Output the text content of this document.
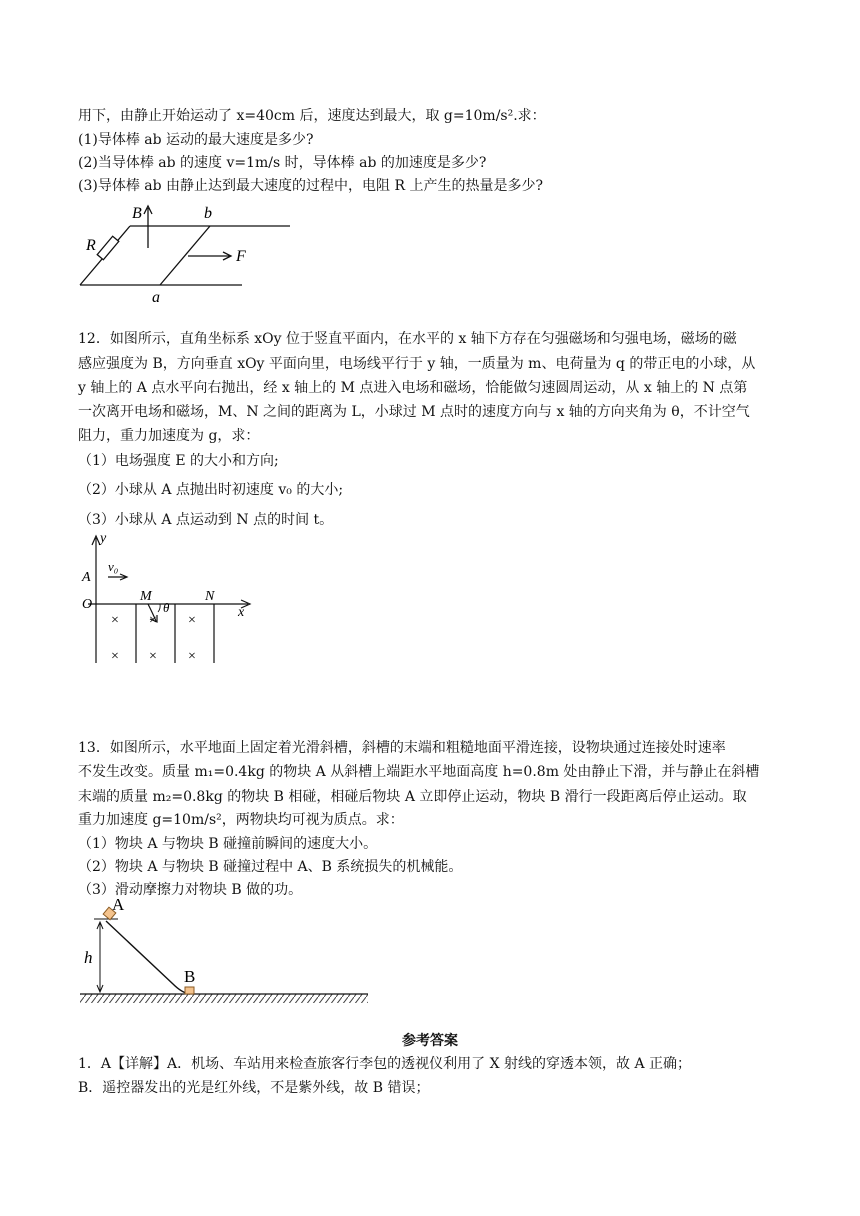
用下，由静止开始运动了 x=40cm 后，速度达到最大，取 g=10m/s².求：
(1)导体棒 ab 运动的最大速度是多少?
(2)当导体棒 ab 的速度 v=1m/s 时，导体棒 ab 的加速度是多少?
(3)导体棒 ab 由静止达到最大速度的过程中，电阻 R 上产生的热量是多少?
B	b
R
F
a
12．如图所示，直角坐标系 xOy 位于竖直平面内，在水平的 x 轴下方存在匀强磁场和匀强电场，磁场的磁
感应强度为 B，方向垂直 xOy 平面向里，电场线平行于 y 轴，一质量为 m、电荷量为 q 的带正电的小球，从
y 轴上的 A 点水平向右抛出，经 x 轴上的 M 点进入电场和磁场，恰能做匀速圆周运动，从 x 轴上的 N 点第
一次离开电场和磁场，M、N 之间的距离为 L，小球过 M 点时的速度方向与 x 轴的方向夹角为 θ，不计空气
阻力，重力加速度为 g，求：
（1）电场强度 E 的大小和方向;
（2）小球从 A 点抛出时初速度 v₀ 的大小;
（3）小球从 A 点运动到 N 点的时间 t。
y
v₀
A
O
M
θ
N
x
× × ×
× × ×
13．如图所示，水平地面上固定着光滑斜槽，斜槽的末端和粗糙地面平滑连接，设物块通过连接处时速率
不发生改变。质量 m₁=0.4kg 的物块 A 从斜槽上端距水平地面高度 h=0.8m 处由静止下滑，并与静止在斜槽
末端的质量 m₂=0.8kg 的物块 B 相碰，相碰后物块 A 立即停止运动，物块 B 滑行一段距离后停止运动。取
重力加速度 g=10m/s²，两物块均可视为质点。求：
（1）物块 A 与物块 B 碰撞前瞬间的速度大小。
（2）物块 A 与物块 B 碰撞过程中 A、B 系统损失的机械能。
（3）滑动摩擦力对物块 B 做的功。
A
B
h
参考答案
1．A【详解】A．机场、车站用来检查旅客行李包的透视仪利用了 X 射线的穿透本领，故 A 正确；
B．遥控器发出的光是红外线，不是紫外线，故 B 错误；
